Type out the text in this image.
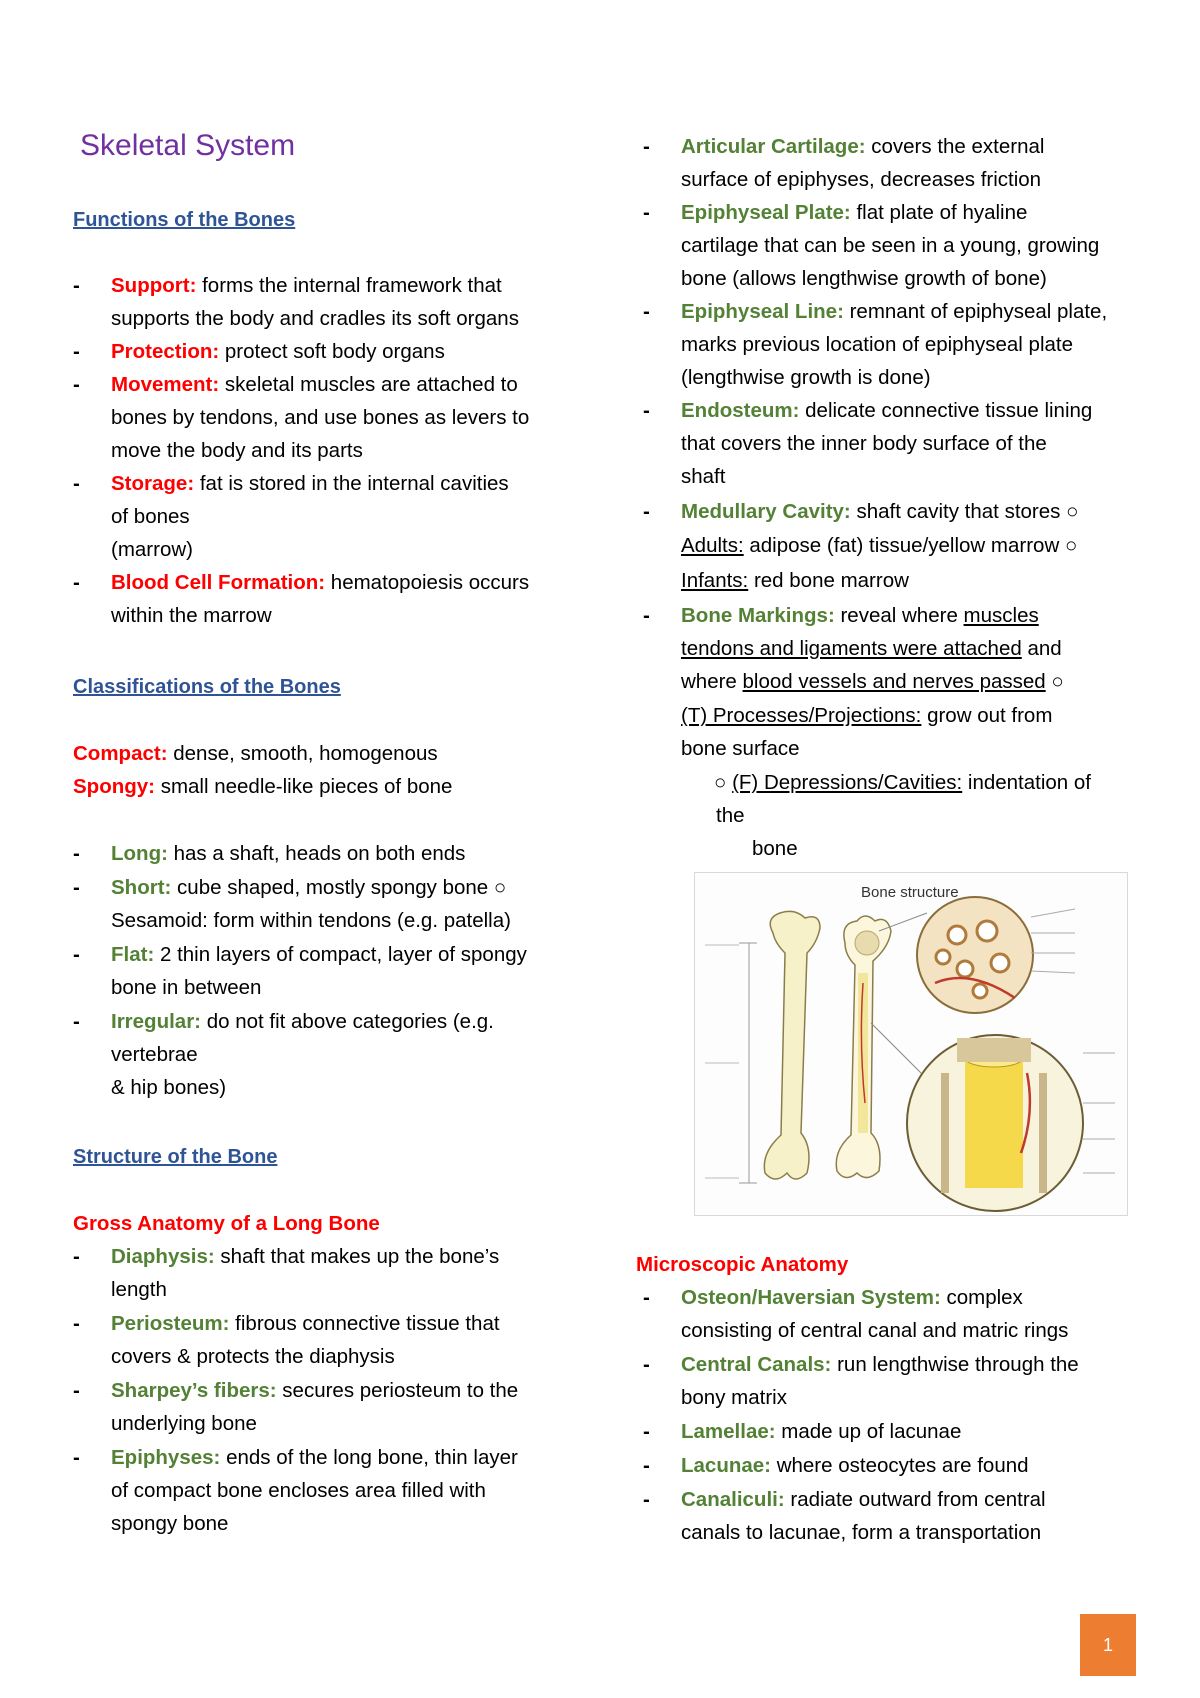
Skeletal System
Functions of the Bones
- Support: forms the internal framework that
supports the body and cradles its soft organs
- Protection: protect soft body organs
- Movement: skeletal muscles are attached to
bones by tendons, and use bones as levers to
move the body and its parts
- Storage: fat is stored in the internal cavities
of bones
(marrow)
- Blood Cell Formation: hematopoiesis occurs
within the marrow
Classifications of the Bones
Compact: dense, smooth, homogenous
Spongy: small needle-like pieces of bone
- Long: has a shaft, heads on both ends
- Short: cube shaped, mostly spongy bone ○
Sesamoid: form within tendons (e.g. patella)
- Flat: 2 thin layers of compact, layer of spongy
bone in between
- Irregular: do not fit above categories (e.g.
vertebrae
& hip bones)
Structure of the Bone
Gross Anatomy of a Long Bone
- Diaphysis: shaft that makes up the bone’s
length
- Periosteum: fibrous connective tissue that
covers & protects the diaphysis
- Sharpey’s fibers: secures periosteum to the
underlying bone
- Epiphyses: ends of the long bone, thin layer
of compact bone encloses area filled with
spongy bone
- Articular Cartilage: covers the external
surface of epiphyses, decreases friction
- Epiphyseal Plate: flat plate of hyaline
cartilage that can be seen in a young, growing
bone (allows lengthwise growth of bone)
- Epiphyseal Line: remnant of epiphyseal plate,
marks previous location of epiphyseal plate
(lengthwise growth is done)
- Endosteum: delicate connective tissue lining
that covers the inner body surface of the
shaft
- Medullary Cavity: shaft cavity that stores ○
Adults: adipose (fat) tissue/yellow marrow ○
Infants: red bone marrow
- Bone Markings: reveal where muscles
tendons and ligaments were attached and
where blood vessels and nerves passed ○
(T) Processes/Projections: grow out from
bone surface
○ (F) Depressions/Cavities: indentation of
the
bone
Bone structure
Microscopic Anatomy
- Osteon/Haversian System: complex
consisting of central canal and matric rings
- Central Canals: run lengthwise through the
bony matrix
- Lamellae: made up of lacunae
- Lacunae: where osteocytes are found
- Canaliculi: radiate outward from central
canals to lacunae, form a transportation
1
